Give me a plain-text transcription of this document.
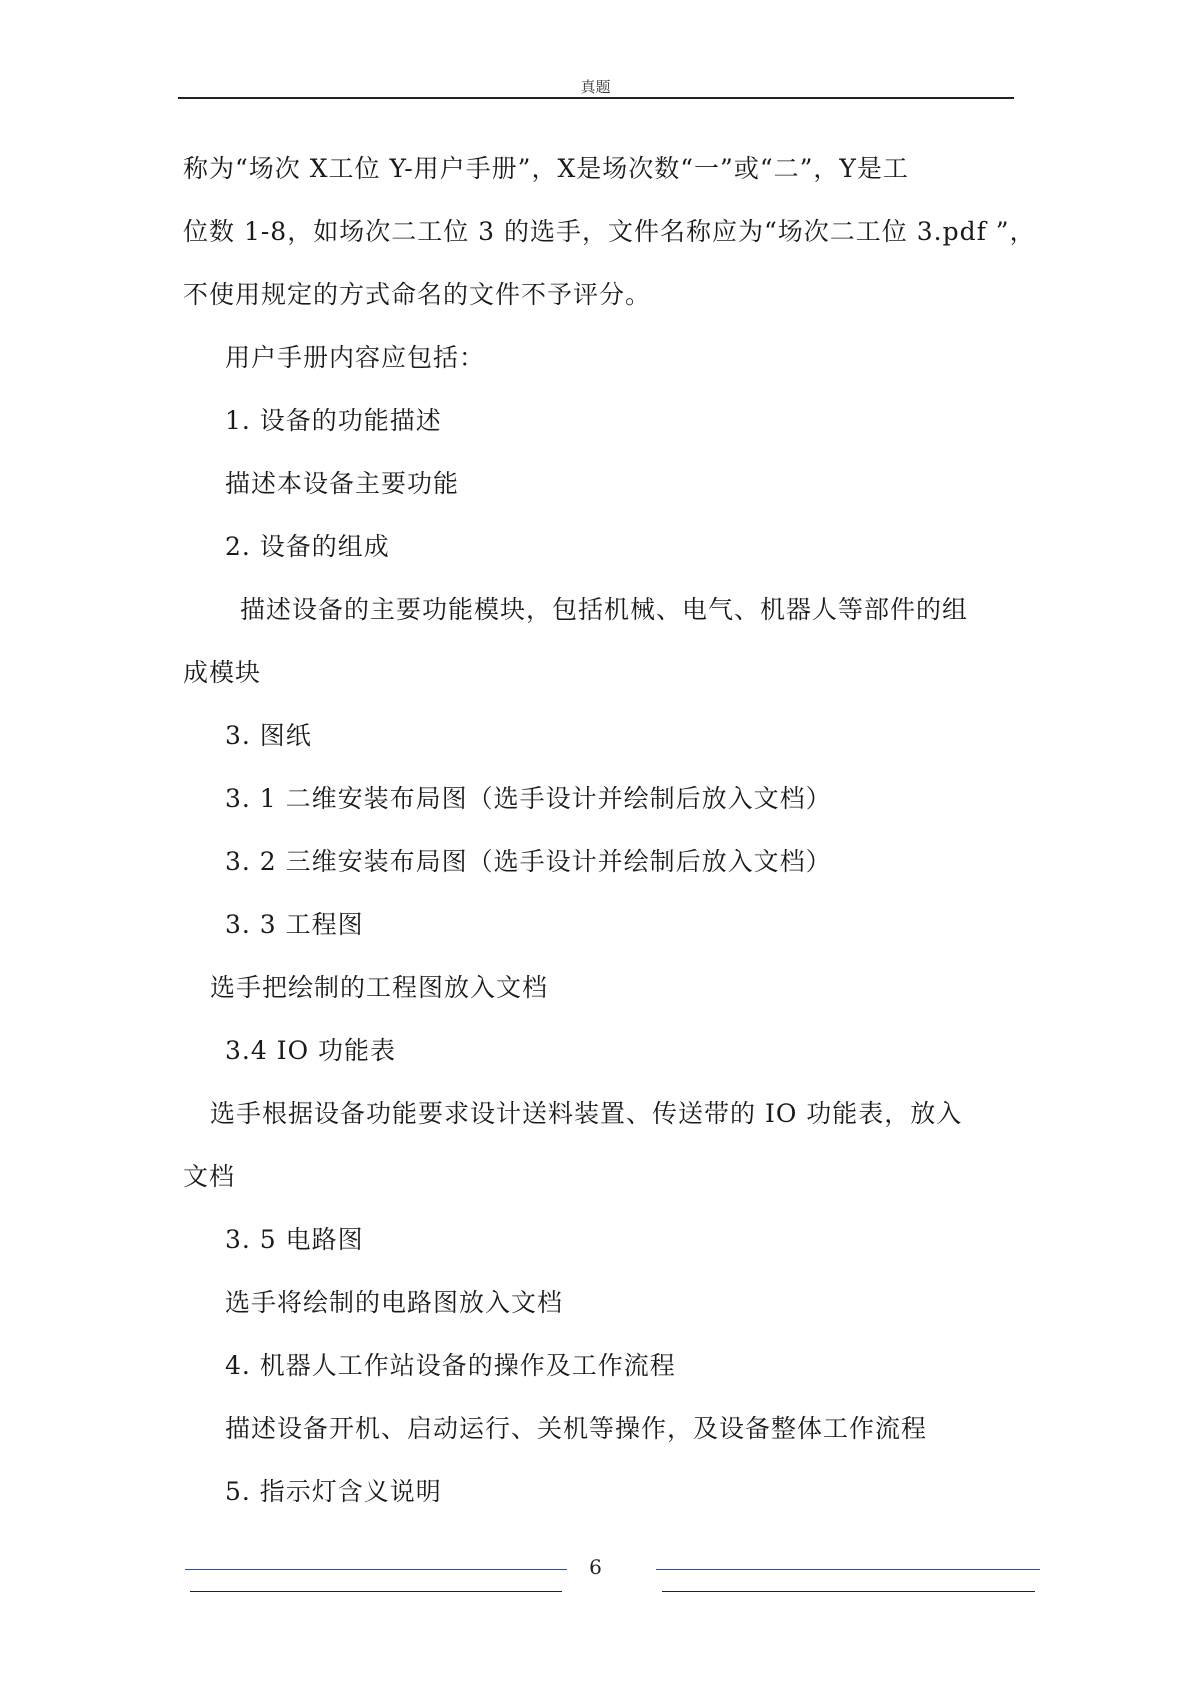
真题
称为“场次 X工位 Y-用户手册”，X是场次数“一”或“二”，Y是工
位数 1-8，如场次二工位 3 的选手，文件名称应为“场次二工位 3.pdf ”，
不使用规定的方式命名的文件不予评分。
用户手册内容应包括：
1. 设备的功能描述
描述本设备主要功能
2. 设备的组成
描述设备的主要功能模块，包括机械、电气、机器人等部件的组
成模块
3. 图纸
3. 1 二维安装布局图（选手设计并绘制后放入文档）
3. 2 三维安装布局图（选手设计并绘制后放入文档）
3. 3 工程图
选手把绘制的工程图放入文档
3.4 IO 功能表
选手根据设备功能要求设计送料装置、传送带的 IO 功能表，放入
文档
3. 5 电路图
选手将绘制的电路图放入文档
4. 机器人工作站设备的操作及工作流程
描述设备开机、启动运行、关机等操作，及设备整体工作流程
5. 指示灯含义说明
6
